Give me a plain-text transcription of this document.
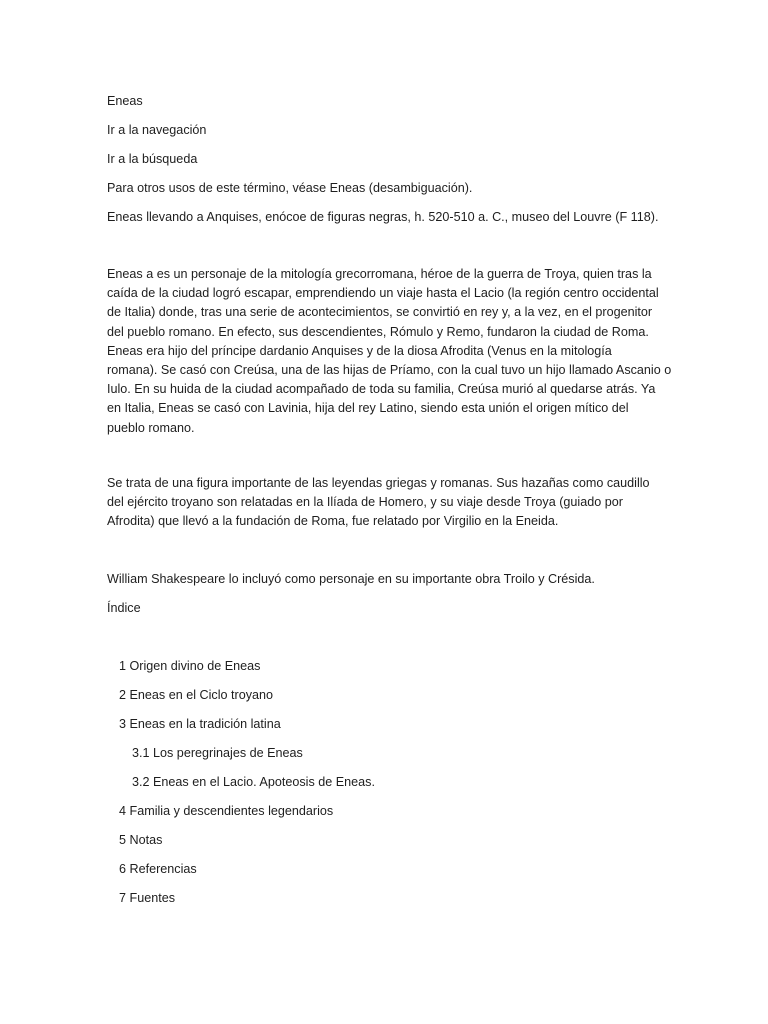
Eneas

Ir a la navegación

Ir a la búsqueda

Para otros usos de este término, véase Eneas (desambiguación).

Eneas llevando a Anquises, enócoe de figuras negras, h. 520-510 a. C., museo del Louvre (F 118).

Eneas a es un personaje de la mitología grecorromana, héroe de la guerra de Troya, quien tras la
caída de la ciudad logró escapar, emprendiendo un viaje hasta el Lacio (la región centro occidental
de Italia) donde, tras una serie de acontecimientos, se convirtió en rey y, a la vez, en el progenitor
del pueblo romano. En efecto, sus descendientes, Rómulo y Remo, fundaron la ciudad de Roma.
Eneas era hijo del príncipe dardanio Anquises y de la diosa Afrodita (Venus en la mitología
romana). Se casó con Creúsa, una de las hijas de Príamo, con la cual tuvo un hijo llamado Ascanio o
Iulo. En su huida de la ciudad acompañado de toda su familia, Creúsa murió al quedarse atrás. Ya
en Italia, Eneas se casó con Lavinia, hija del rey Latino, siendo esta unión el origen mítico del
pueblo romano.
Se trata de una figura importante de las leyendas griegas y romanas. Sus hazañas como caudillo
del ejército troyano son relatadas en la Ilíada de Homero, y su viaje desde Troya (guiado por
Afrodita) que llevó a la fundación de Roma, fue relatado por Virgilio en la Eneida.

William Shakespeare lo incluyó como personaje en su importante obra Troilo y Crésida.

Índice

1 Origen divino de Eneas

2 Eneas en el Ciclo troyano

3 Eneas en la tradición latina

3.1 Los peregrinajes de Eneas

3.2 Eneas en el Lacio. Apoteosis de Eneas.

4 Familia y descendientes legendarios

5 Notas

6 Referencias

7 Fuentes
